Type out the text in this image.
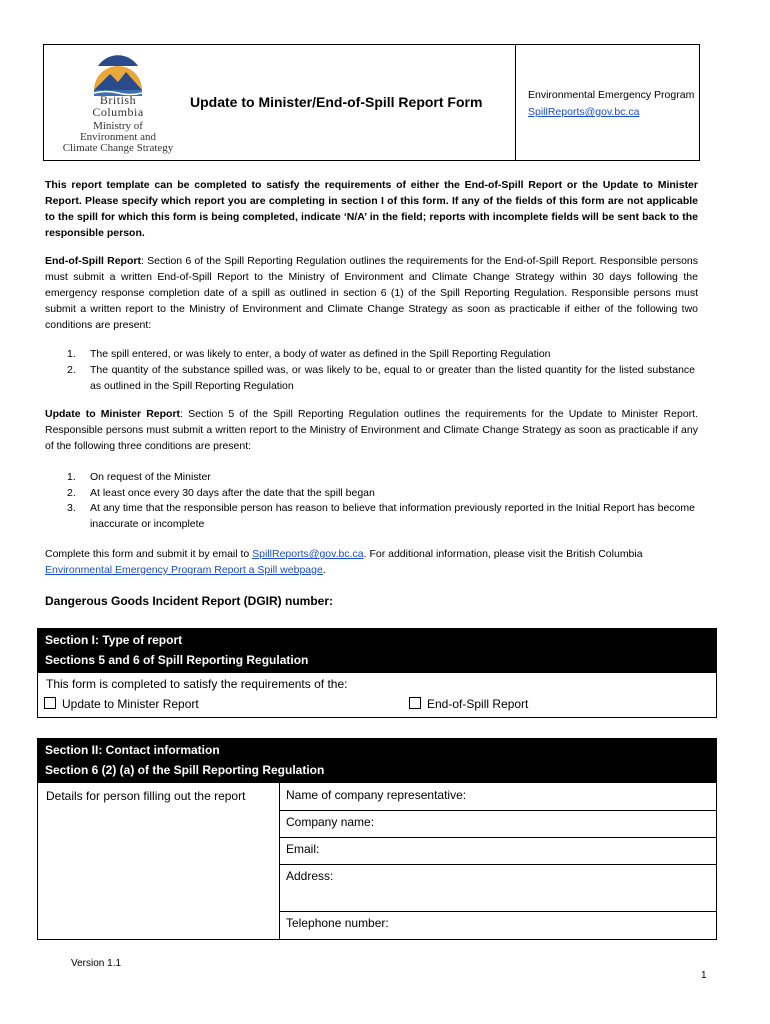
British
Columbia
Ministry of
Environment and
Climate Change Strategy
Update to Minister/End-of-Spill Report Form	Environmental Emergency Program
SpillReports@gov.bc.ca
This report template can be completed to satisfy the requirements of either the End-of-Spill Report or the Update to Minister Report. Please specify which report you are completing in section I of this form. If any of the fields of this form are not applicable to the spill for which this form is being completed, indicate ‘N/A’ in the field; reports with incomplete fields will be sent back to the responsible person.
End-of-Spill Report: Section 6 of the Spill Reporting Regulation outlines the requirements for the End-of-Spill Report. Responsible persons must submit a written End-of-Spill Report to the Ministry of Environment and Climate Change Strategy within 30 days following the emergency response completion date of a spill as outlined in section 6 (1) of the Spill Reporting Regulation. Responsible persons must submit a written report to the Ministry of Environment and Climate Change Strategy as soon as practicable if either of the following two conditions are present:
1. The spill entered, or was likely to enter, a body of water as defined in the Spill Reporting Regulation
2. The quantity of the substance spilled was, or was likely to be, equal to or greater than the listed quantity for the listed substance as outlined in the Spill Reporting Regulation
Update to Minister Report: Section 5 of the Spill Reporting Regulation outlines the requirements for the Update to Minister Report. Responsible persons must submit a written report to the Ministry of Environment and Climate Change Strategy as soon as practicable if any of the following three conditions are present:
1. On request of the Minister
2. At least once every 30 days after the date that the spill began
3. At any time that the responsible person has reason to believe that information previously reported in the Initial Report has become inaccurate or incomplete
Complete this form and submit it by email to SpillReports@gov.bc.ca. For additional information, please visit the British Columbia Environmental Emergency Program Report a Spill webpage.
Dangerous Goods Incident Report (DGIR) number:
Section I: Type of report
Sections 5 and 6 of Spill Reporting Regulation
This form is completed to satisfy the requirements of the:
Update to Minister Report	End-of-Spill Report
Section II: Contact information
Section 6 (2) (a) of the Spill Reporting Regulation
Details for person filling out the report	Name of company representative:
Company name:
Email:
Address:
Telephone number:
Version 1.1
1
